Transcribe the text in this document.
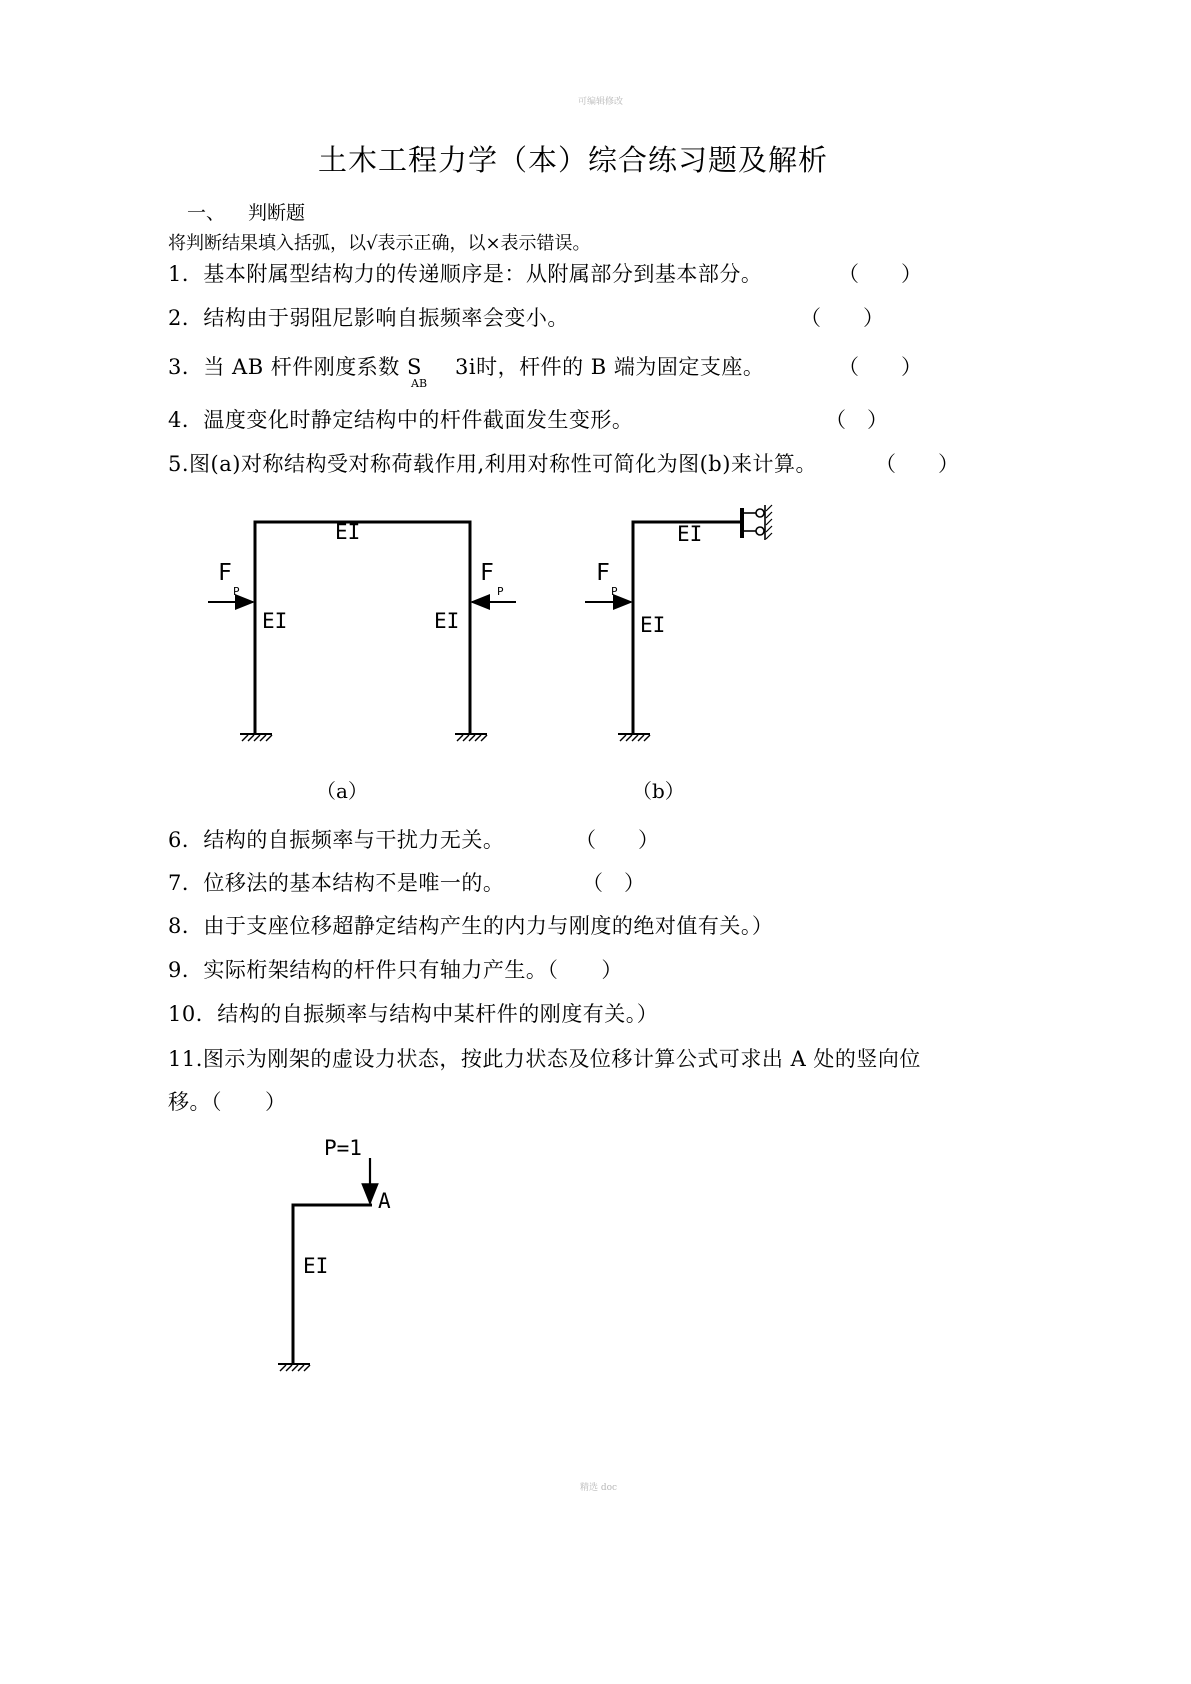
可编辑修改
土木工程力学（本）综合练习题及解析
一、 判断题
将判断结果填入括弧，以√表示正确，以×表示错误。
1．基本附属型结构力的传递顺序是：从附属部分到基本部分。	（　　）
2．结构由于弱阻尼影响自振频率会变小。	（　　）
3．当 AB 杆件刚度系数 S
AB
3i时，杆件的 B 端为固定支座。	（　　）
4．温度变化时静定结构中的杆件截面发生变形。	（　）
5.图(a)对称结构受对称荷载作用,利用对称性可简化为图(b)来计算。	（　　）
EI
EI	EI
F
P
F
P
EI
EI
F
P
（a）	（b）
6．结构的自振频率与干扰力无关。	（　　）
7．位移法的基本结构不是唯一的。	（　）
8．由于支座位移超静定结构产生的内力与刚度的绝对值有关。）
9．实际桁架结构的杆件只有轴力产生。（　　）
10．结构的自振频率与结构中某杆件的刚度有关。）
11.图示为刚架的虚设力状态，按此力状态及位移计算公式可求出 A 处的竖向位
移。（　　）
P=1
A
EI
精选 doc
